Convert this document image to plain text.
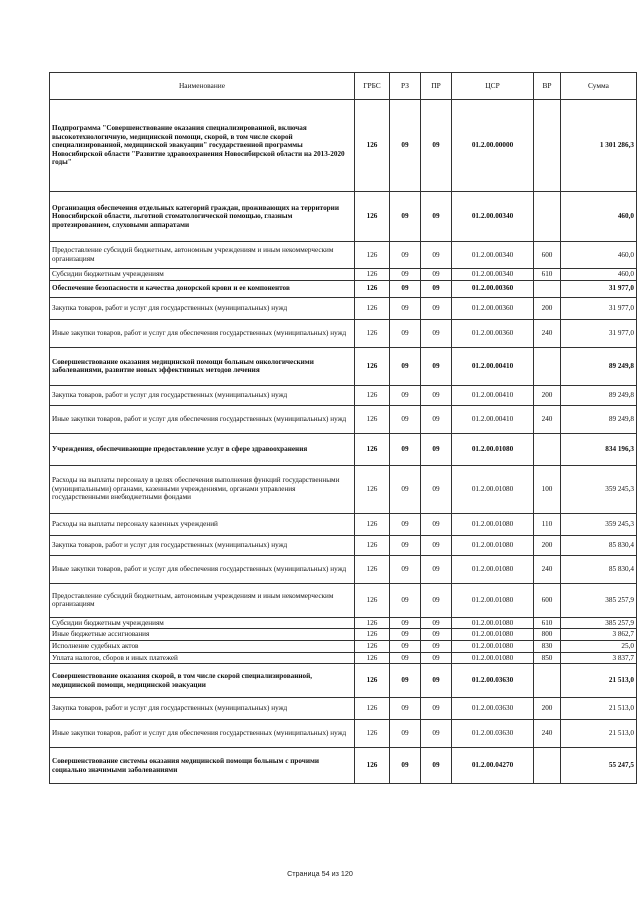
Наименование	ГРБС	РЗ	ПР	ЦСР	ВР	Сумма
Подпрограмма "Совершенствование оказания специализированной, включая высокотехнологичную, медицинской помощи, скорой, в том числе скорой специализированной, медицинской эвакуации" государственной программы Новосибирской области "Развитие здравоохранения Новосибирской области на 2013-2020 годы"	126	09	09	01.2.00.00000		1 301 286,3
Организация обеспечения отдельных категорий граждан, проживающих на территории Новосибирской области, льготной стоматологической помощью, глазным протезированием, слуховыми аппаратами	126	09	09	01.2.00.00340		460,0
Предоставление субсидий бюджетным, автономным учреждениям и иным некоммерческим организациям	126	09	09	01.2.00.00340	600	460,0
Субсидии бюджетным учреждениям	126	09	09	01.2.00.00340	610	460,0
Обеспечение безопасности и качества донорской крови и ее компонентов	126	09	09	01.2.00.00360		31 977,0
Закупка товаров, работ и услуг для государственных (муниципальных) нужд	126	09	09	01.2.00.00360	200	31 977,0
Иные закупки товаров, работ и услуг для обеспечения государственных (муниципальных) нужд	126	09	09	01.2.00.00360	240	31 977,0
Совершенствование оказания медицинской помощи больным онкологическими заболеваниями, развитие новых эффективных методов лечения	126	09	09	01.2.00.00410		89 249,8
Закупка товаров, работ и услуг для государственных (муниципальных) нужд	126	09	09	01.2.00.00410	200	89 249,8
Иные закупки товаров, работ и услуг для обеспечения государственных (муниципальных) нужд	126	09	09	01.2.00.00410	240	89 249,8
Учреждения, обеспечивающие предоставление услуг в сфере здравоохранения	126	09	09	01.2.00.01080		834 196,3
Расходы на выплаты персоналу в целях обеспечения выполнения функций государственными (муниципальными) органами, казенными учреждениями, органами управления государственными внебюджетными фондами	126	09	09	01.2.00.01080	100	359 245,3
Расходы на выплаты персоналу казенных учреждений	126	09	09	01.2.00.01080	110	359 245,3
Закупка товаров, работ и услуг для государственных (муниципальных) нужд	126	09	09	01.2.00.01080	200	85 830,4
Иные закупки товаров, работ и услуг для обеспечения государственных (муниципальных) нужд	126	09	09	01.2.00.01080	240	85 830,4
Предоставление субсидий бюджетным, автономным учреждениям и иным некоммерческим организациям	126	09	09	01.2.00.01080	600	385 257,9
Субсидии бюджетным учреждениям	126	09	09	01.2.00.01080	610	385 257,9
Иные бюджетные ассигнования	126	09	09	01.2.00.01080	800	3 862,7
Исполнение судебных актов	126	09	09	01.2.00.01080	830	25,0
Уплата налогов, сборов и иных платежей	126	09	09	01.2.00.01080	850	3 837,7
Совершенствование оказания скорой, в том числе скорой специализированной, медицинской помощи, медицинской эвакуации	126	09	09	01.2.00.03630		21 513,0
Закупка товаров, работ и услуг для государственных (муниципальных) нужд	126	09	09	01.2.00.03630	200	21 513,0
Иные закупки товаров, работ и услуг для обеспечения государственных (муниципальных) нужд	126	09	09	01.2.00.03630	240	21 513,0
Совершенствование системы оказания медицинской помощи больным с прочими социально значимыми заболеваниями	126	09	09	01.2.00.04270		55 247,5
Страница 54 из 120
